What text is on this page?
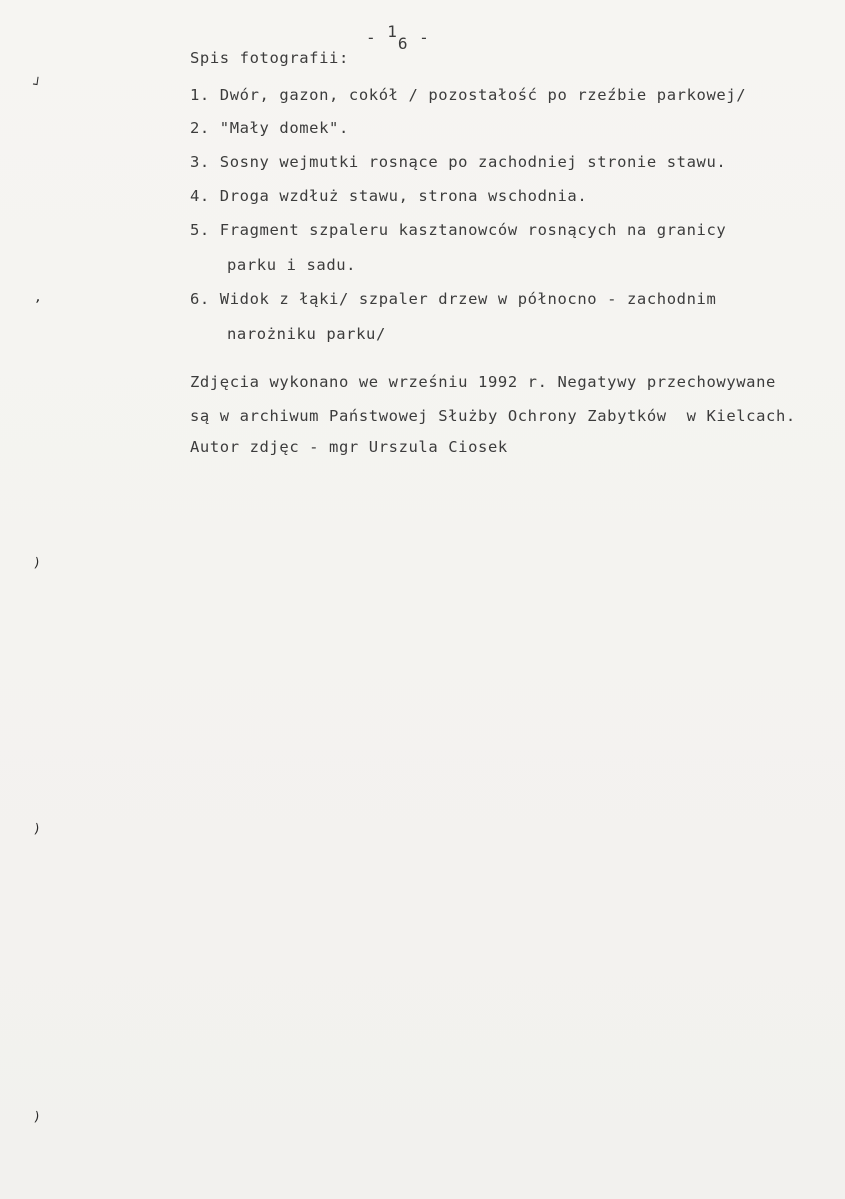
- 16 -
Spis fotografii:
1. Dwór, gazon, cokół / pozostałość po rzeźbie parkowej/
2. "Mały domek".
3. Sosny wejmutki rosnące po zachodniej stronie stawu.
4. Droga wzdłuż stawu, strona wschodnia.
5. Fragment szpaleru kasztanowców rosnących na granicy
parku i sadu.
6. Widok z łąki/ szpaler drzew w północno - zachodnim
narożniku parku/
Zdjęcia wykonano we wrześniu 1992 r. Negatywy przechowywane
są w archiwum Państwowej Służby Ochrony Zabytków  w Kielcach.
Autor zdjęc - mgr Urszula Ciosek
┘
’
)
)
)
